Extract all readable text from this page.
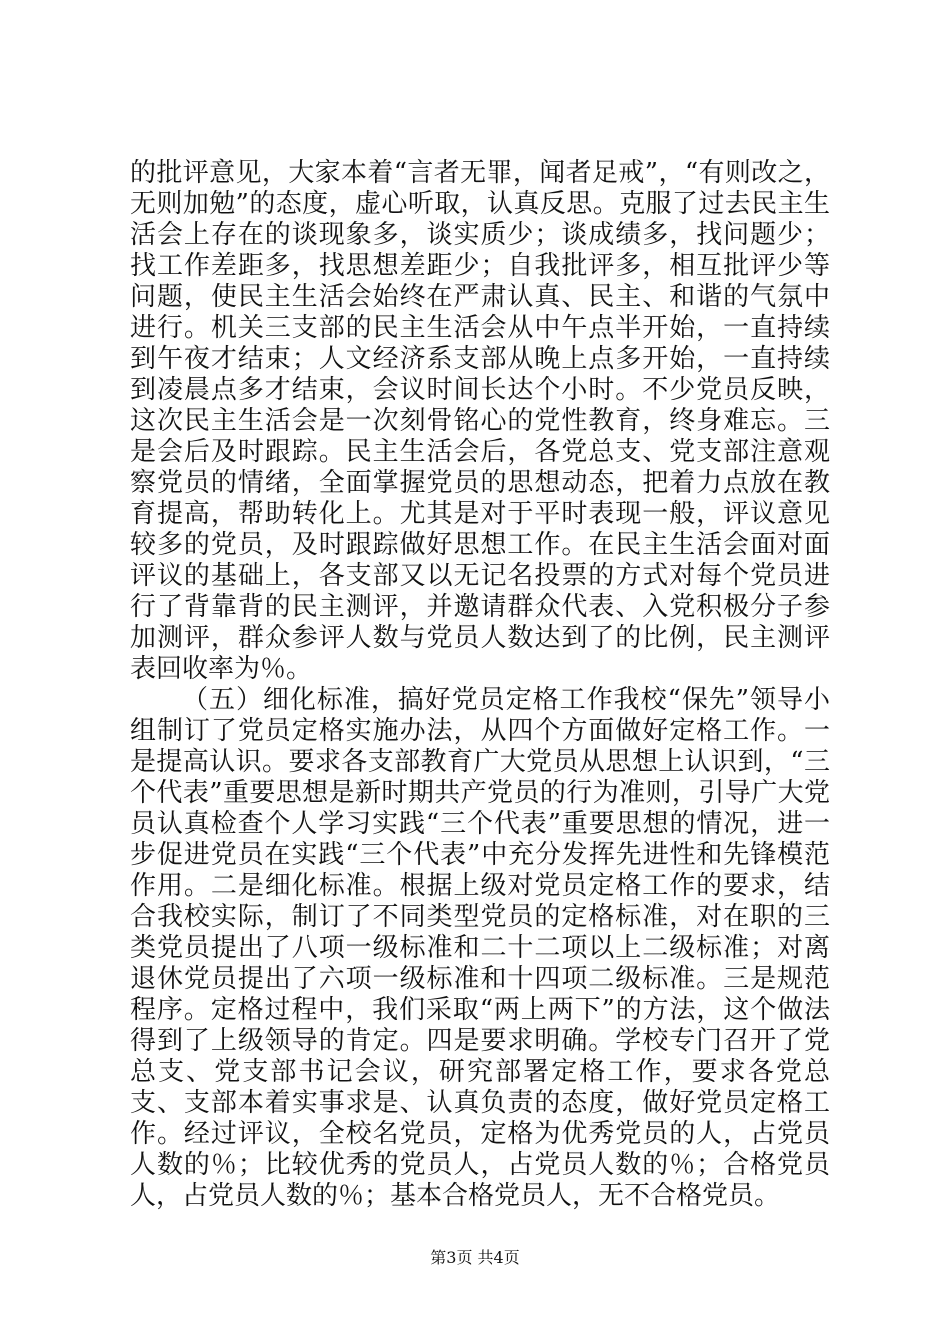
的批评意见，大家本着“言者无罪，闻者足戒”，“有则改之，无则加勉”的态度，虚心听取，认真反思。克服了过去民主生活会上存在的谈现象多，谈实质少；谈成绩多，找问题少；找工作差距多，找思想差距少；自我批评多，相互批评少等问题，使民主生活会始终在严肃认真、民主、和谐的气氛中进行。机关三支部的民主生活会从中午点半开始，一直持续到午夜才结束；人文经济系支部从晚上点多开始，一直持续到凌晨点多才结束，会议时间长达个小时。不少党员反映，这次民主生活会是一次刻骨铭心的党性教育，终身难忘。三是会后及时跟踪。民主生活会后，各党总支、党支部注意观察党员的情绪，全面掌握党员的思想动态，把着力点放在教育提高，帮助转化上。尤其是对于平时表现一般，评议意见较多的党员，及时跟踪做好思想工作。在民主生活会面对面评议的基础上，各支部又以无记名投票的方式对每个党员进行了背靠背的民主测评，并邀请群众代表、入党积极分子参加测评，群众参评人数与党员人数达到了的比例，民主测评表回收率为％。

（五）细化标准，搞好党员定格工作我校“保先”领导小组制订了党员定格实施办法，从四个方面做好定格工作。一是提高认识。要求各支部教育广大党员从思想上认识到，“三个代表”重要思想是新时期共产党员的行为准则，引导广大党员认真检查个人学习实践“三个代表”重要思想的情况，进一步促进党员在实践“三个代表”中充分发挥先进性和先锋模范作用。二是细化标准。根据上级对党员定格工作的要求，结合我校实际，制订了不同类型党员的定格标准，对在职的三类党员提出了八项一级标准和二十二项以上二级标准；对离退休党员提出了六项一级标准和十四项二级标准。三是规范程序。定格过程中，我们采取“两上两下”的方法，这个做法得到了上级领导的肯定。四是要求明确。学校专门召开了党总支、党支部书记会议，研究部署定格工作，要求各党总支、支部本着实事求是、认真负责的态度，做好党员定格工作。经过评议，全校名党员，定格为优秀党员的人，占党员人数的％；比较优秀的党员人，占党员人数的％；合格党员人，占党员人数的％；基本合格党员人，无不合格党员。

第3页 共4页
